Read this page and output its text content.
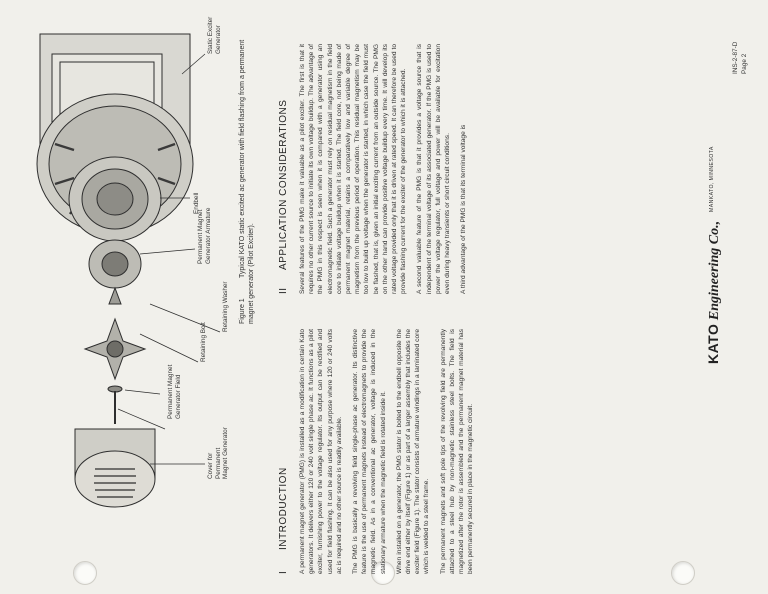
Static Exciter
Generator
Endbell
Permanent Magnet
Generator Armature
Retaining Washer
Retaining Bolt
Permanent Magnet
Generator Field
Cover for
Permanent
Magnet Generator
Figure 1Typical KATO static excited ac generator with field flashing from a permanent magnet generator (Pilot Exciter).
IINTRODUCTION A permanent magnet generator (PMG) is installed as a modification in certain Kato generators. It delivers either 120 or 240 volt single phase ac. It functions as a pilot exciter, furnishing power to the voltage regulator. Its output can be rectified and used for field flashing. It can be also used for any purpose where 120 or 240 volts ac is required and no other source is readily available. The PMG is basically a revolving field single-phase ac generator. Its distinctive feature is the use of permanent magnets instead of electromagnets to provide the magnetic field. As in a conventional ac generator, voltage is induced in the stationary armature when the magnetic field is rotated inside it. When installed on a generator, the PMG stator is bolted to the endbell opposite the drive end either by itself (Figure 1) or as part of a larger assembly that includes the exciter field (Figure 1). The stator consists of armature windings in a laminated core which is welded to a steel frame. The permanent magnets and soft pole tips of the revolving field are permanently attached to a steel hub by non-magnetic stainless steel bolts. The field is magnetized after the rotor is assembled and the permanent magnet material has been permanently secured in place in the magnetic circuit.

IIAPPLICATION CONSIDERATIONS Several features of the PMG make it valuable as a pilot exciter. The first is that it requires no other current source to initiate its own voltage buildup. The advantage of the PMG in this respect is seen when it is compared with a generator using an electromagnetic field. Such a generator must rely on residual magnetism in the field core to initiate voltage buildup when it is started. The field core, not being made of permanent magnet material, retains a comparatively low and variable degree of magnetism from the previous period of operation. This residual magnetism may be too low to build up voltage when the generator is started, in which case the field must be flashed, that is, given an initial exciting current from an outside source. The PMG on the other hand can provide positive voltage buildup every time. It will develop its rated voltage provided only that it is driven at rated speed. It can therefore be used to provide flashing current for the exciter of the generator to which it is attached. A second valuable feature of the PMG is that it provides a voltage source that is independent of the terminal voltage of its associated generator. If the PMG is used to power the voltage regulator, full voltage and power will be available for excitation even during heavy transients or short circuit conditions. A third advantage of the PMG is that its terminal voltage is

KATO Engineering Co.,
MANKATO, MINNESOTA
INS-2-87-D Page 2
